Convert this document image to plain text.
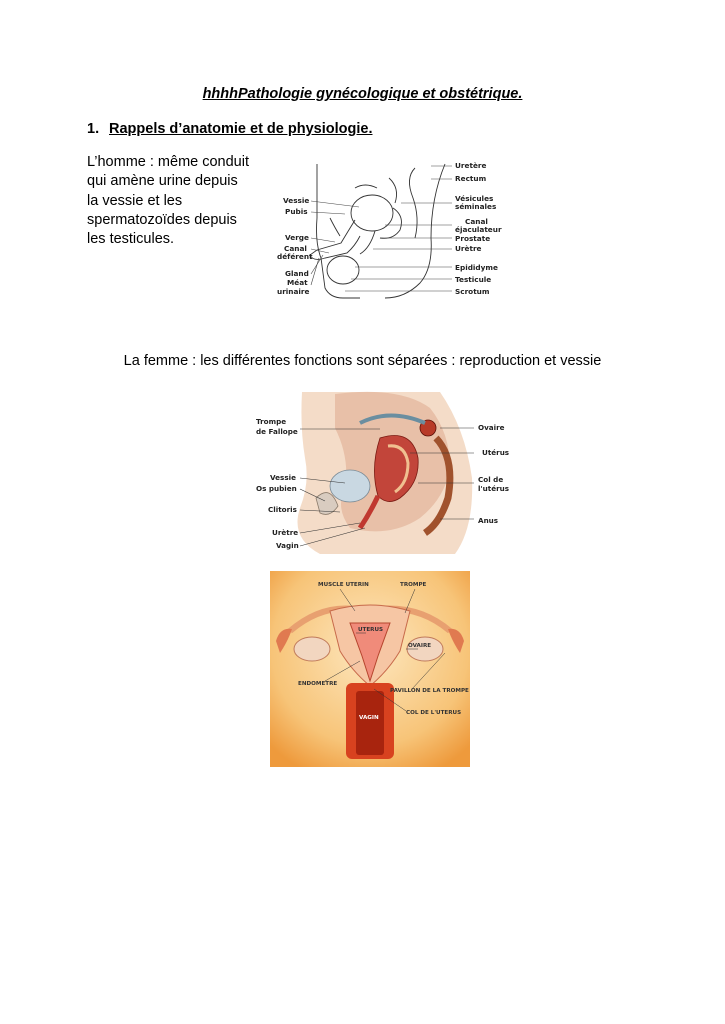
hhhhPathologie gynécologique et obstétrique.
1. Rappels d’anatomie et de physiologie.
L’homme : même conduit
qui amène urine depuis
la vessie et les
spermatozoïdes depuis
les testicules.
Vessie
Pubis
Verge
Canal
déférent
Gland
Méat
urinaire
Uretère
Rectum
Vésicules
séminales
Canal
éjaculateur
Prostate
Urètre
Epididyme
Testicule
Scrotum
La femme : les différentes fonctions sont séparées : reproduction et vessie
Trompe
de Fallope
Vessie
Os pubien
Clitoris
Urètre
Vagin
Ovaire
Utérus
Col de
l'utérus
Anus
MUSCLE UTERIN	TROMPE
UTERUS
OVAIRE
ENDOMETRE
PAVILLON DE LA TROMPE
COL DE L'UTERUS
VAGIN
